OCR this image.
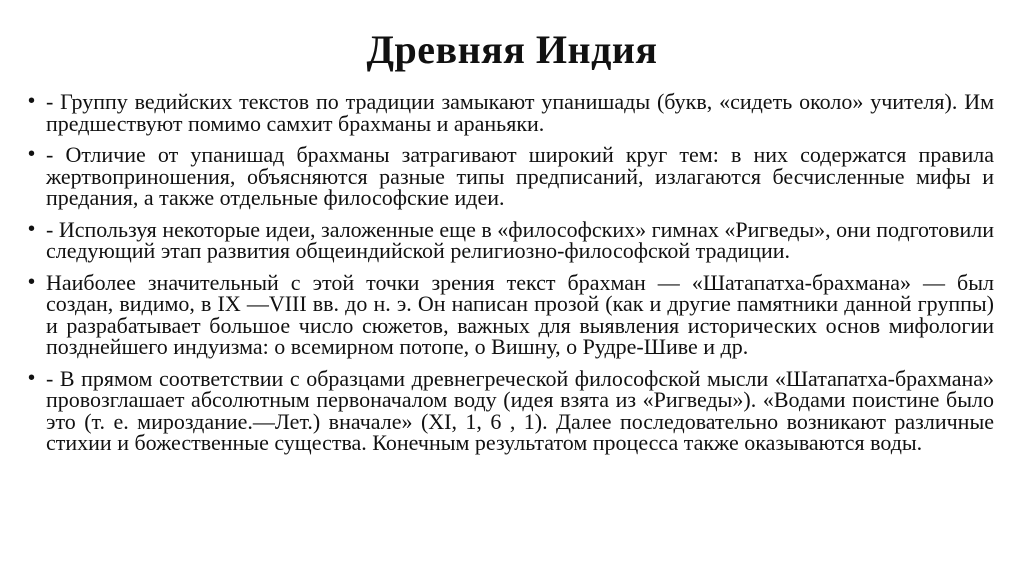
Древняя Индия
• - Группу ведийских текстов по традиции замыкают упанишады (букв, «сидеть около» учителя). Им предшествуют помимо самхит брахманы и араньяки.
• - Отличие от упанишад брахманы затрагивают широкий круг тем: в них содержатся правила жертвоприношения, объясняются разные типы предписаний, излагаются бесчисленные мифы и предания, а также отдельные философские идеи.
• - Используя некоторые идеи, заложенные еще в «философских» гимнах «Ригведы», они подготовили следующий этап развития общеиндийской религиозно-философской традиции.
• Наиболее значительный с этой точки зрения текст брахман — «Шатапатха-брахмана» — был создан, видимо, в IX —VIII вв. до н. э. Он написан прозой (как и другие памятники данной группы) и разрабатывает большое число сюжетов, важных для выявления исторических основ мифологии позднейшего индуизма: о всемирном потопе, о Вишну, о Рудре-Шиве и др.
• - В прямом соответствии с образцами древнегреческой философской мысли «Шатапатха-брахмана» провозглашает абсолютным первоначалом воду (идея взята из «Ригведы»). «Водами поистине было это (т. е. мироздание.—Лет.) вначале» (XI, 1, 6 , 1). Далее последовательно возникают различные стихии и божественные существа. Конечным результатом процесса также оказываются воды.
